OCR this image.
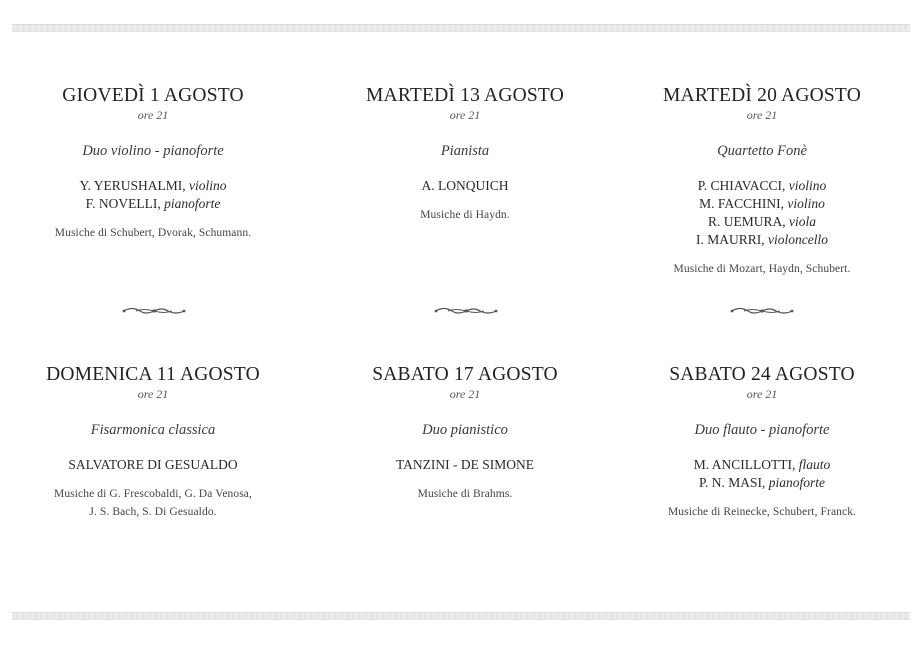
GIOVEDÌ 1 AGOSTO
ore 21
Duo violino - pianoforte
Y. YERUSHALMI, violino
F. NOVELLI, pianoforte
Musiche di Schubert, Dvorak, Schumann.
MARTEDÌ 13 AGOSTO
ore 21
Pianista
A. LONQUICH
Musiche di Haydn.
MARTEDÌ 20 AGOSTO
ore 21
Quartetto Fonè
P. CHIAVACCI, violino
M. FACCHINI, violino
R. UEMURA, viola
I. MAURRI, violoncello
Musiche di Mozart, Haydn, Schubert.
DOMENICA 11 AGOSTO
ore 21
Fisarmonica classica
SALVATORE DI GESUALDO
Musiche di G. Frescobaldi, G. Da Venosa,
J. S. Bach, S. Di Gesualdo.
SABATO 17 AGOSTO
ore 21
Duo pianistico
TANZINI - DE SIMONE
Musiche di Brahms.
SABATO 24 AGOSTO
ore 21
Duo flauto - pianoforte
M. ANCILLOTTI, flauto
P. N. MASI, pianoforte
Musiche di Reinecke, Schubert, Franck.
